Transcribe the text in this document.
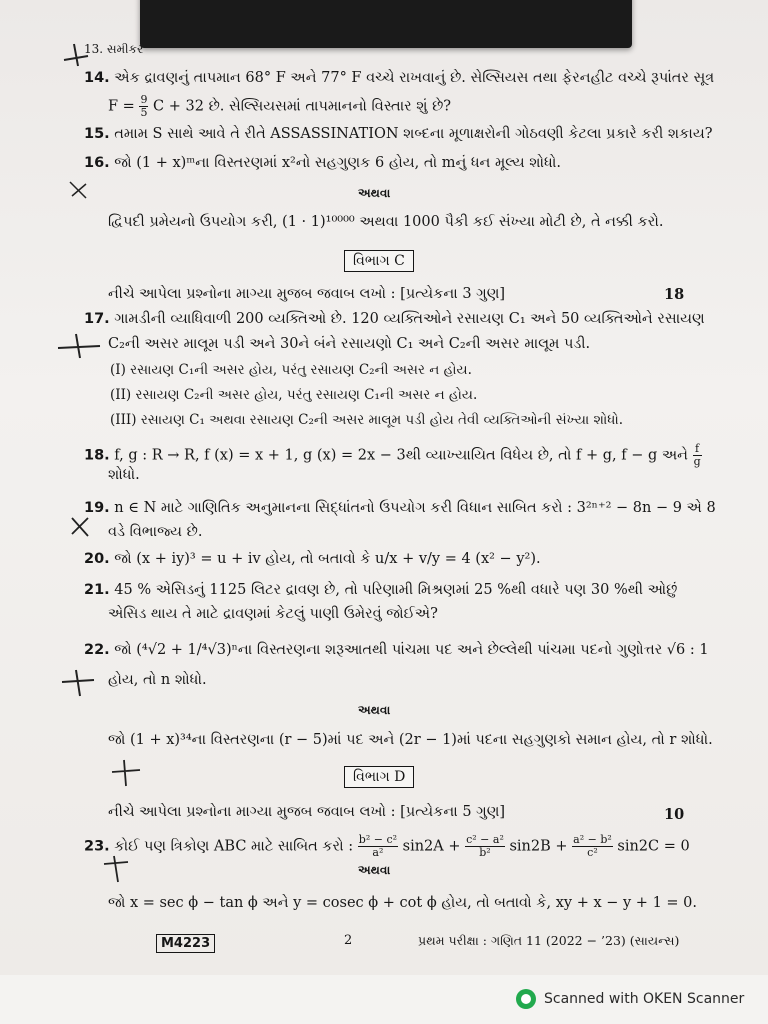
13. સમીકર
14. એક દ્રાવણનું તાપમાન 68° F અને 77° F વચ્ચે રાખવાનું છે. સેલ્સિયસ તથા ફેરનહીટ વચ્ચે રૂપાંતર સૂત્ર
$F = \frac{9}{5}$ C + 32 છે. સેલ્સિયસમાં તાપમાનનો વિસ્તાર શું છે?
15. તમામ S સાથે આવે તે રીતે ASSASSINATION શબ્દના મૂળાક્ષરોની ગોઠવણી કેટલા પ્રકારે કરી શકાય?
16. જો (1 + x)ᵐના વિસ્તરણમાં x²નો સહગુણક 6 હોય, તો mનું ધન મૂલ્ય શોધો.
અથવા
દ્વિપદી પ્રમેયનો ઉપયોગ કરી, (1 · 1)¹⁰⁰⁰⁰ અથવા 1000 પૈકી કઈ સંખ્યા મોટી છે, તે નક્કી કરો.
વિભાગ C
નીચે આપેલા પ્રશ્નોના માગ્યા મુજબ જવાબ લખો : [પ્રત્યેકના 3 ગુણ]	18
17. ગામડીની વ્યાધિવાળી 200 વ્યક્તિઓ છે. 120 વ્યક્તિઓને રસાયણ C₁ અને 50 વ્યક્તિઓને રસાયણ
C₂ની અસર માલૂમ પડી અને 30ને બંને રસાયણો C₁ અને C₂ની અસર માલૂમ પડી.
(I) રસાયણ C₁ની અસર હોય, પરંતુ રસાયણ C₂ની અસર ન હોય.
(II) રસાયણ C₂ની અસર હોય, પરંતુ રસાયણ C₁ની અસર ન હોય.
(III) રસાયણ C₁ અથવા રસાયણ C₂ની અસર માલૂમ પડી હોય તેવી વ્યક્તિઓની સંખ્યા શોધો.
18. f, g : R → R, f (x) = x + 1, g (x) = 2x − 3થી વ્યાખ્યાયિત વિધેય છે, તો f + g, f − g અને $\frac{f}{g}$
શોધો.
19. n ∈ N માટે ગાણિતિક અનુમાનના સિદ્ધાંતનો ઉપયોગ કરી વિધાન સાબિત કરો : 3²ⁿ⁺² − 8n − 9 એ 8
વડે વિભાજ્ય છે.
20. જો (x + iy)³ = u + iv હોય, તો બતાવો કે u/x + v/y = 4 (x² − y²).
21. 45 % એસિડનું 1125 લિટર દ્રાવણ છે, તો પરિણામી મિશ્રણમાં 25 %થી વધારે પણ 30 %થી ઓછું
એસિડ થાય તે માટે દ્રાવણમાં કેટલું પાણી ઉમેરવું જોઈએ?
22. જો (⁴√2 + 1/⁴√3)ⁿના વિસ્તરણના શરૂઆતથી પાંચમા પદ અને છેલ્લેથી પાંચમા પદનો ગુણોત્તર √6 : 1
હોય, તો n શોધો.
અથવા
જો (1 + x)³⁴ના વિસ્તરણના (r − 5)માં પદ અને (2r − 1)માં પદના સહગુણકો સમાન હોય, તો r શોધો.
વિભાગ D
નીચે આપેલા પ્રશ્નોના માગ્યા મુજબ જવાબ લખો : [પ્રત્યેકના 5 ગુણ]	10
23. કોઈ પણ ત્રિકોણ ABC માટે સાબિત કરો : $\frac{\text{b² − c²}}{\text{a²}} \sin 2A + \frac{\text{c² − a²}}{\text{b²}} \sin 2B + \frac{\text{a² − b²}}{\text{c²}} \sin 2C = 0$
અથવા
જો x = sec ϕ − tan ϕ અને y = cosec ϕ + cot ϕ હોય, તો બતાવો કે, xy + x − y + 1 = 0.
M4223	2	પ્રથમ પરીક્ષા : ગણિત 11 (2022 − ’23) (સાયન્સ)
Scanned with OKEN Scanner
